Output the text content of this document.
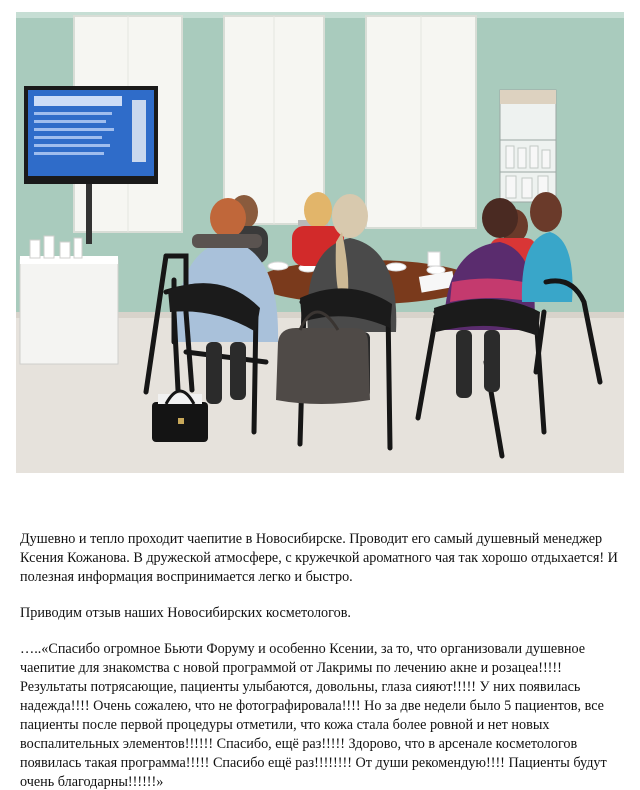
Душевно и тепло проходит чаепитие в Новосибирске. Проводит его самый душевный менеджер Ксения Кожанова. В дружеской атмосфере, с кружечкой ароматного чая так хорошо отдыхается! И полезная информация воспринимается легко и быстро.

Приводим отзыв наших Новосибирских косметологов.

…..«Спасибо огромное Бьюти Форуму и особенно Ксении, за то, что организовали душевное чаепитие для знакомства с новой программой от Лакримы по лечению акне и розацеа!!!!! Результаты потрясающие, пациенты улыбаются, довольны, глаза сияют!!!!! У них появилась надежда!!!! Очень сожалею, что не фотографировала!!!! Но за две недели было 5 пациентов, все пациенты после первой процедуры отметили, что кожа стала более ровной и нет новых воспалительных элементов!!!!!! Спасибо, ещё раз!!!!! Здорово, что в арсенале косметологов появилась такая программа!!!!! Спасибо ещё раз!!!!!!!! От души рекомендую!!!! Пациенты будут очень благодарны!!!!!!»
